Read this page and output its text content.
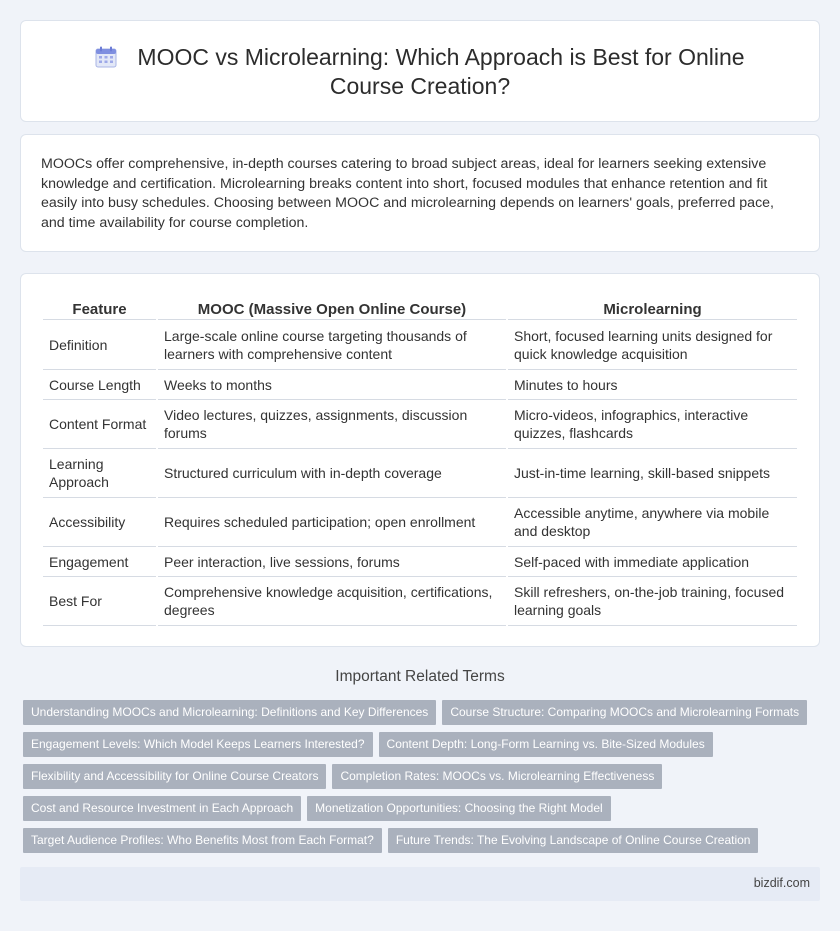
MOOC vs Microlearning: Which Approach is Best for Online Course Creation?

MOOCs offer comprehensive, in-depth courses catering to broad subject areas, ideal for learners seeking extensive knowledge and certification. Microlearning breaks content into short, focused modules that enhance retention and fit easily into busy schedules. Choosing between MOOC and microlearning depends on learners' goals, preferred pace, and time availability for course completion.

Feature	MOOC (Massive Open Online Course)	Microlearning
Definition	Large-scale online course targeting thousands of learners with comprehensive content	Short, focused learning units designed for quick knowledge acquisition
Course Length	Weeks to months	Minutes to hours
Content Format	Video lectures, quizzes, assignments, discussion forums	Micro-videos, infographics, interactive quizzes, flashcards
Learning Approach	Structured curriculum with in-depth coverage	Just-in-time learning, skill-based snippets
Accessibility	Requires scheduled participation; open enrollment	Accessible anytime, anywhere via mobile and desktop
Engagement	Peer interaction, live sessions, forums	Self-paced with immediate application
Best For	Comprehensive knowledge acquisition, certifications, degrees	Skill refreshers, on-the-job training, focused learning goals
Important Related Terms
Understanding MOOCs and Microlearning: Definitions and Key Differences Course Structure: Comparing MOOCs and Microlearning Formats
Engagement Levels: Which Model Keeps Learners Interested? Content Depth: Long-Form Learning vs. Bite-Sized Modules
Flexibility and Accessibility for Online Course Creators Completion Rates: MOOCs vs. Microlearning Effectiveness
Cost and Resource Investment in Each Approach Monetization Opportunities: Choosing the Right Model
Target Audience Profiles: Who Benefits Most from Each Format? Future Trends: The Evolving Landscape of Online Course Creation
bizdif.com
